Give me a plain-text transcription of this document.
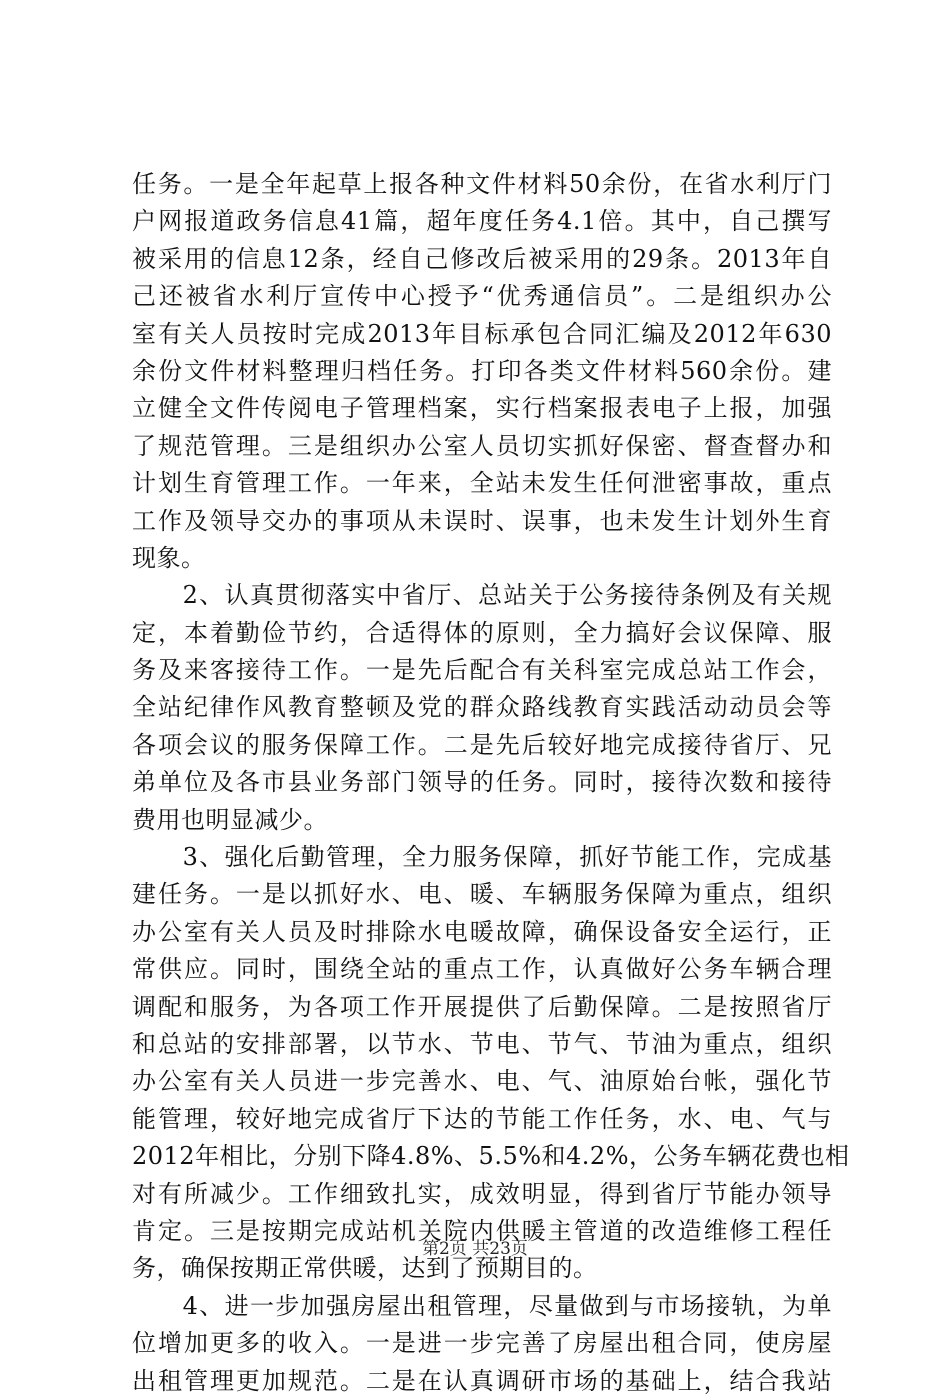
任务。一是全年起草上报各种文件材料50余份，在省水利厅门
户网报道政务信息41篇，超年度任务4.1倍。其中，自己撰写
被采用的信息12条，经自己修改后被采用的29条。2013年自
己还被省水利厅宣传中心授予“优秀通信员”。二是组织办公
室有关人员按时完成2013年目标承包合同汇编及2012年630
余份文件材料整理归档任务。打印各类文件材料560余份。建
立健全文件传阅电子管理档案，实行档案报表电子上报，加强
了规范管理。三是组织办公室人员切实抓好保密、督查督办和
计划生育管理工作。一年来，全站未发生任何泄密事故，重点
工作及领导交办的事项从未误时、误事，也未发生计划外生育
现象。
　　2、认真贯彻落实中省厅、总站关于公务接待条例及有关规
定，本着勤俭节约，合适得体的原则，全力搞好会议保障、服
务及来客接待工作。一是先后配合有关科室完成总站工作会，
全站纪律作风教育整顿及党的群众路线教育实践活动动员会等
各项会议的服务保障工作。二是先后较好地完成接待省厅、兄
弟单位及各市县业务部门领导的任务。同时，接待次数和接待
费用也明显减少。
　　3、强化后勤管理，全力服务保障，抓好节能工作，完成基
建任务。一是以抓好水、电、暖、车辆服务保障为重点，组织
办公室有关人员及时排除水电暖故障，确保设备安全运行，正
常供应。同时，围绕全站的重点工作，认真做好公务车辆合理
调配和服务，为各项工作开展提供了后勤保障。二是按照省厅
和总站的安排部署，以节水、节电、节气、节油为重点，组织
办公室有关人员进一步完善水、电、气、油原始台帐，强化节
能管理，较好地完成省厅下达的节能工作任务，水、电、气与
2012年相比，分别下降4.8%、5.5%和4.2%，公务车辆花费也相
对有所减少。工作细致扎实，成效明显，得到省厅节能办领导
肯定。三是按期完成站机关院内供暖主管道的改造维修工程任
务，确保按期正常供暖，达到了预期目的。
　　4、进一步加强房屋出租管理，尽量做到与市场接轨，为单
位增加更多的收入。一是进一步完善了房屋出租合同，使房屋
出租管理更加规范。二是在认真调研市场的基础上，结合我站
第2页 共23页
